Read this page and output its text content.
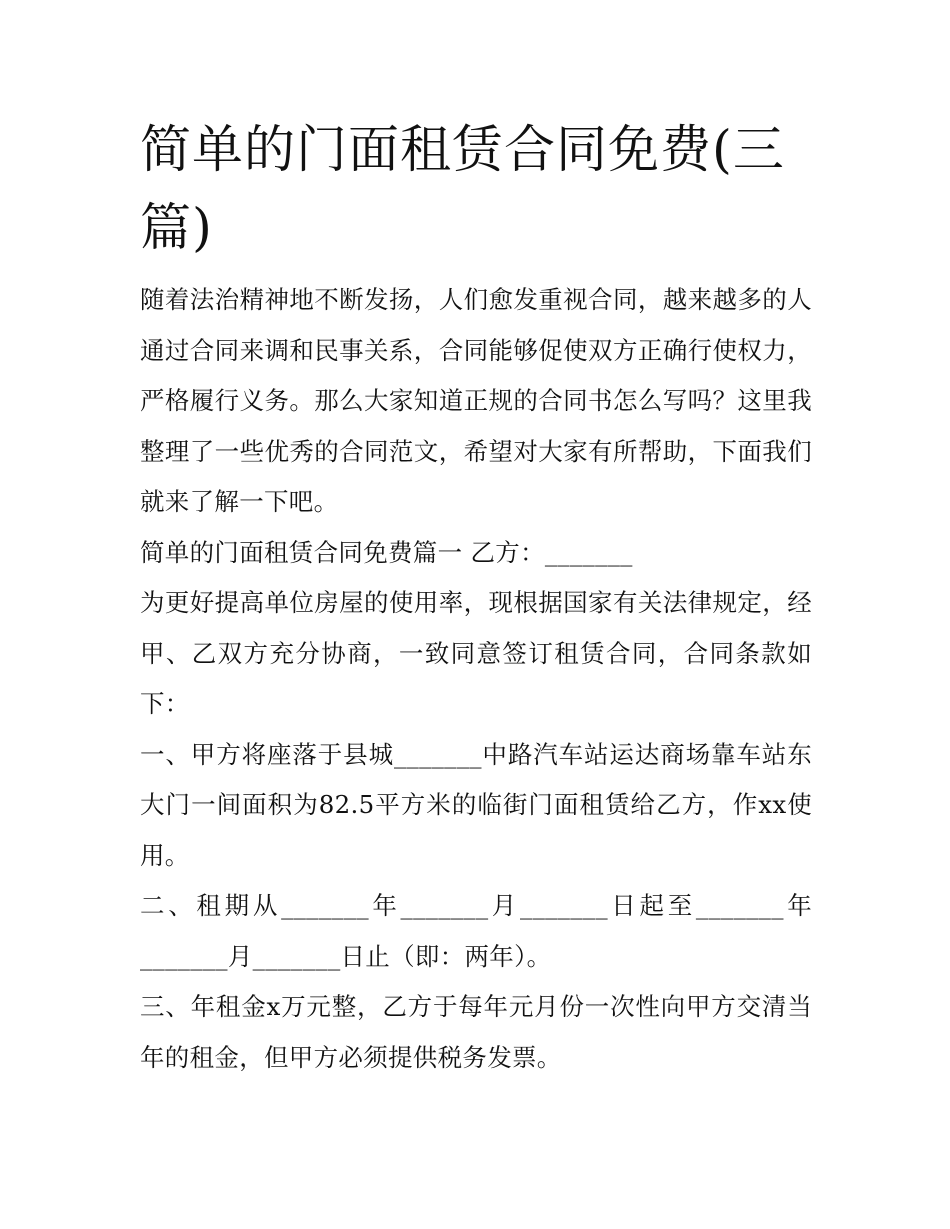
简单的门面租赁合同免费(三篇)

随着法治精神地不断发扬，人们愈发重视合同，越来越多的人通过合同来调和民事关系，合同能够促使双方正确行使权力，严格履行义务。那么大家知道正规的合同书怎么写吗？这里我整理了一些优秀的合同范文，希望对大家有所帮助，下面我们就来了解一下吧。

简单的门面租赁合同免费篇一 乙方：_______

为更好提高单位房屋的使用率，现根据国家有关法律规定，经甲、乙双方充分协商，一致同意签订租赁合同，合同条款如下：

一、甲方将座落于县城_______中路汽车站运达商场靠车站东大门一间面积为82.5平方米的临街门面租赁给乙方，作xx使用。

二、租期从_______年_______月_______日起至_______年_______月_______日止（即：两年）。

三、年租金x万元整，乙方于每年元月份一次性向甲方交清当年的租金，但甲方必须提供税务发票。
